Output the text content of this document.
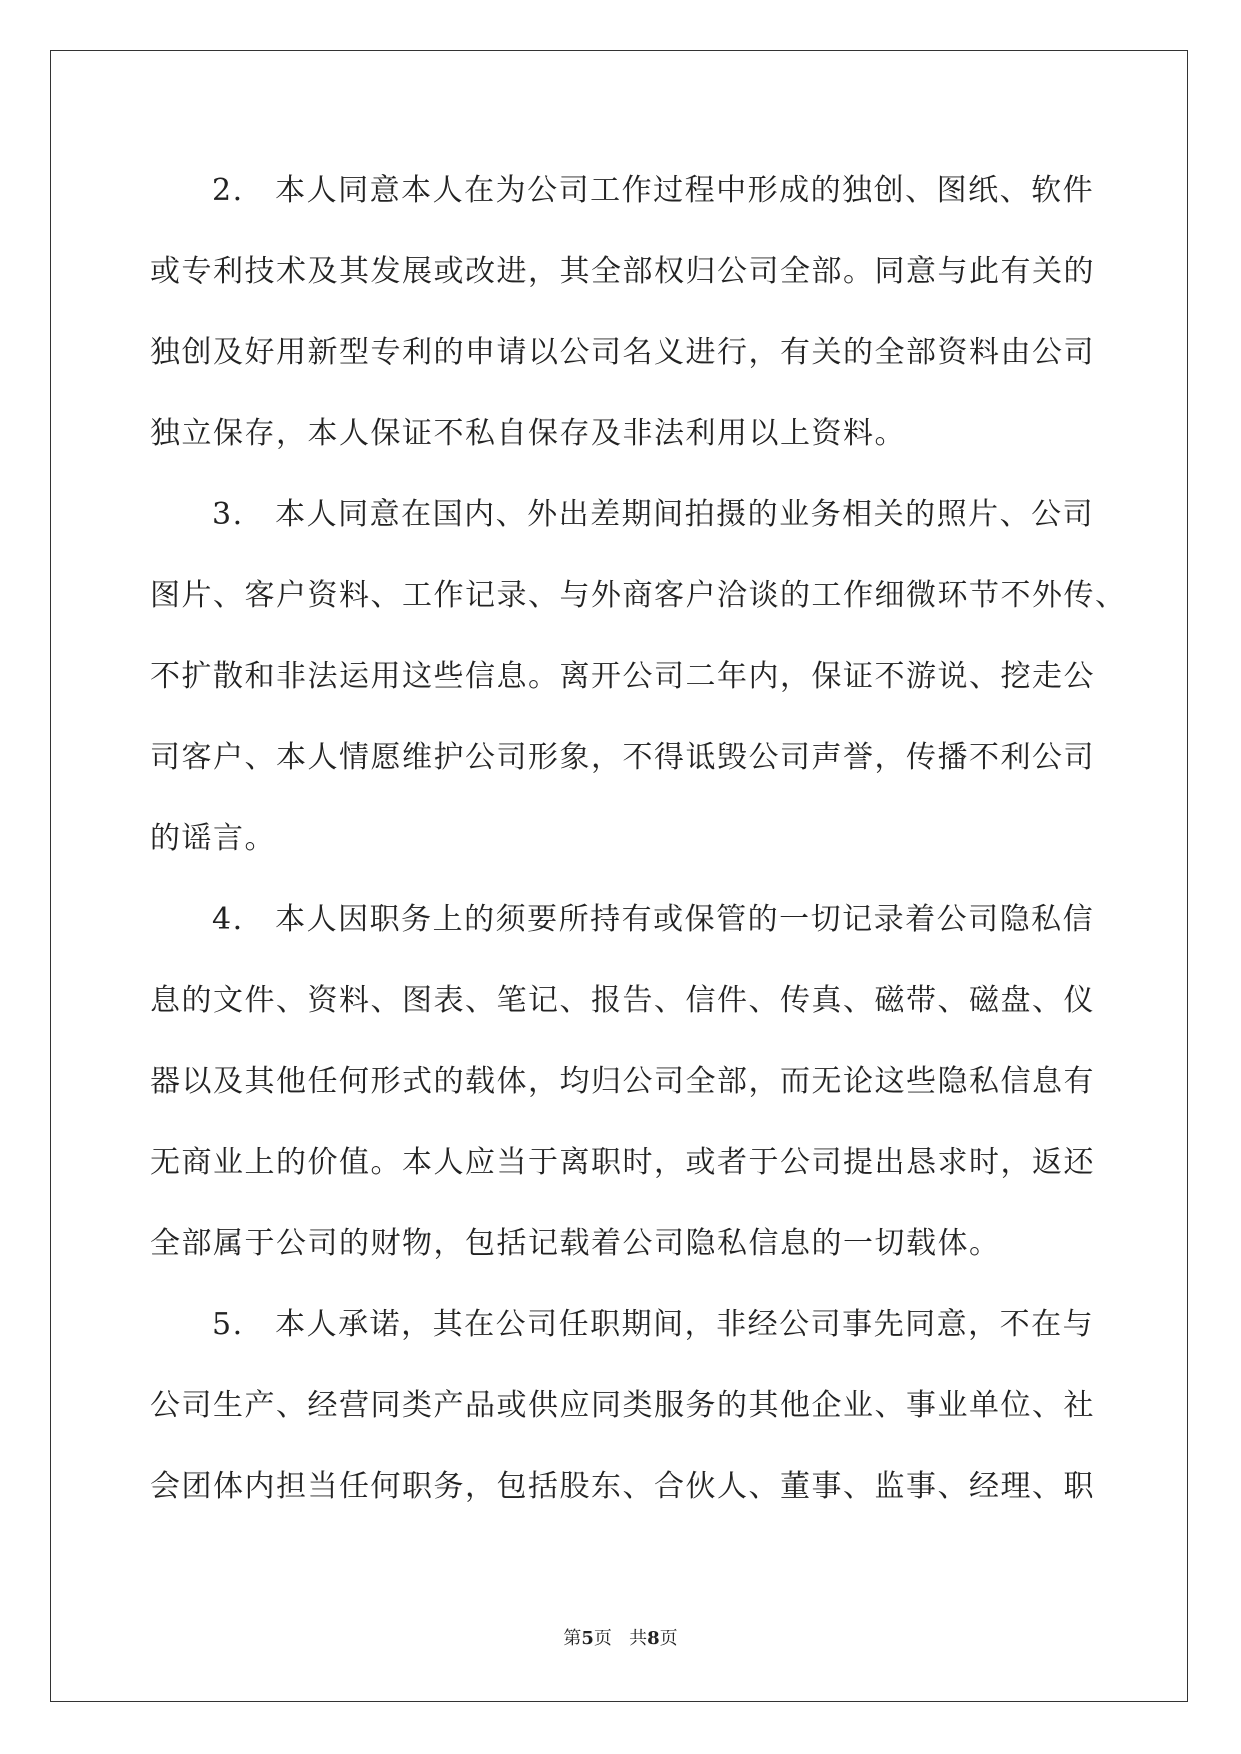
2.　本人同意本人在为公司工作过程中形成的独创、图纸、软件
或专利技术及其发展或改进，其全部权归公司全部。同意与此有关的
独创及好用新型专利的申请以公司名义进行，有关的全部资料由公司
独立保存，本人保证不私自保存及非法利用以上资料。
3.　本人同意在国内、外出差期间拍摄的业务相关的照片、公司
图片、客户资料、工作记录、与外商客户洽谈的工作细微环节不外传、
不扩散和非法运用这些信息。离开公司二年内，保证不游说、挖走公
司客户、本人情愿维护公司形象，不得诋毁公司声誉，传播不利公司
的谣言。
4.　本人因职务上的须要所持有或保管的一切记录着公司隐私信
息的文件、资料、图表、笔记、报告、信件、传真、磁带、磁盘、仪
器以及其他任何形式的载体，均归公司全部，而无论这些隐私信息有
无商业上的价值。本人应当于离职时，或者于公司提出恳求时，返还
全部属于公司的财物，包括记载着公司隐私信息的一切载体。
5.　本人承诺，其在公司任职期间，非经公司事先同意，不在与
公司生产、经营同类产品或供应同类服务的其他企业、事业单位、社
会团体内担当任何职务，包括股东、合伙人、董事、监事、经理、职
第5页 共8页
